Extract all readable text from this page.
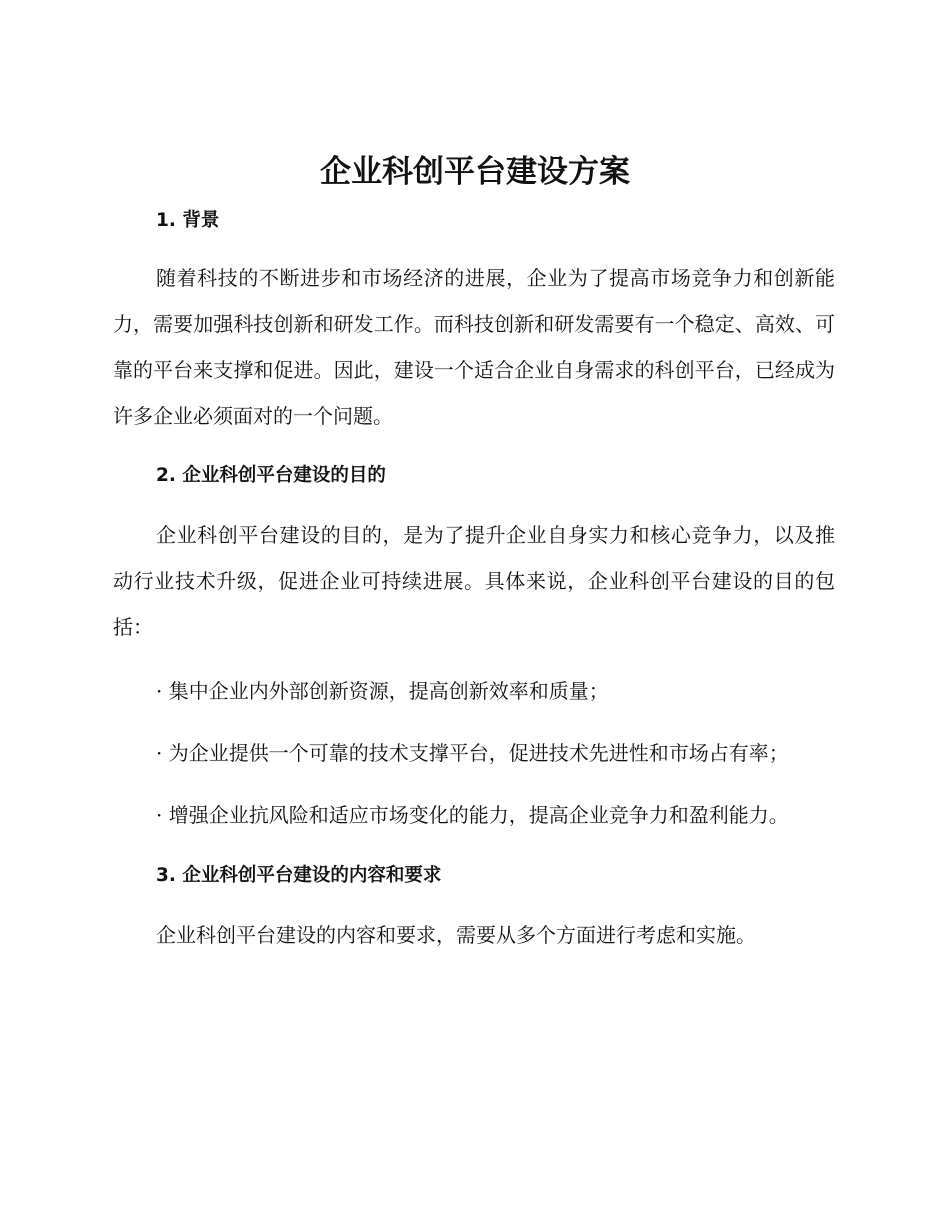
企业科创平台建设方案
1. 背景

随着科技的不断进步和市场经济的进展，企业为了提高市场竞争力和创新能力，需要加强科技创新和研发工作。而科技创新和研发需要有一个稳定、高效、可靠的平台来支撑和促进。因此，建设一个适合企业自身需求的科创平台，已经成为许多企业必须面对的一个问题。

2. 企业科创平台建设的目的

企业科创平台建设的目的，是为了提升企业自身实力和核心竞争力，以及推动行业技术升级，促进企业可持续进展。具体来说，企业科创平台建设的目的包括：

· 集中企业内外部创新资源，提高创新效率和质量；

· 为企业提供一个可靠的技术支撑平台，促进技术先进性和市场占有率；

· 增强企业抗风险和适应市场变化的能力，提高企业竞争力和盈利能力。

3. 企业科创平台建设的内容和要求

企业科创平台建设的内容和要求，需要从多个方面进行考虑和实施。
